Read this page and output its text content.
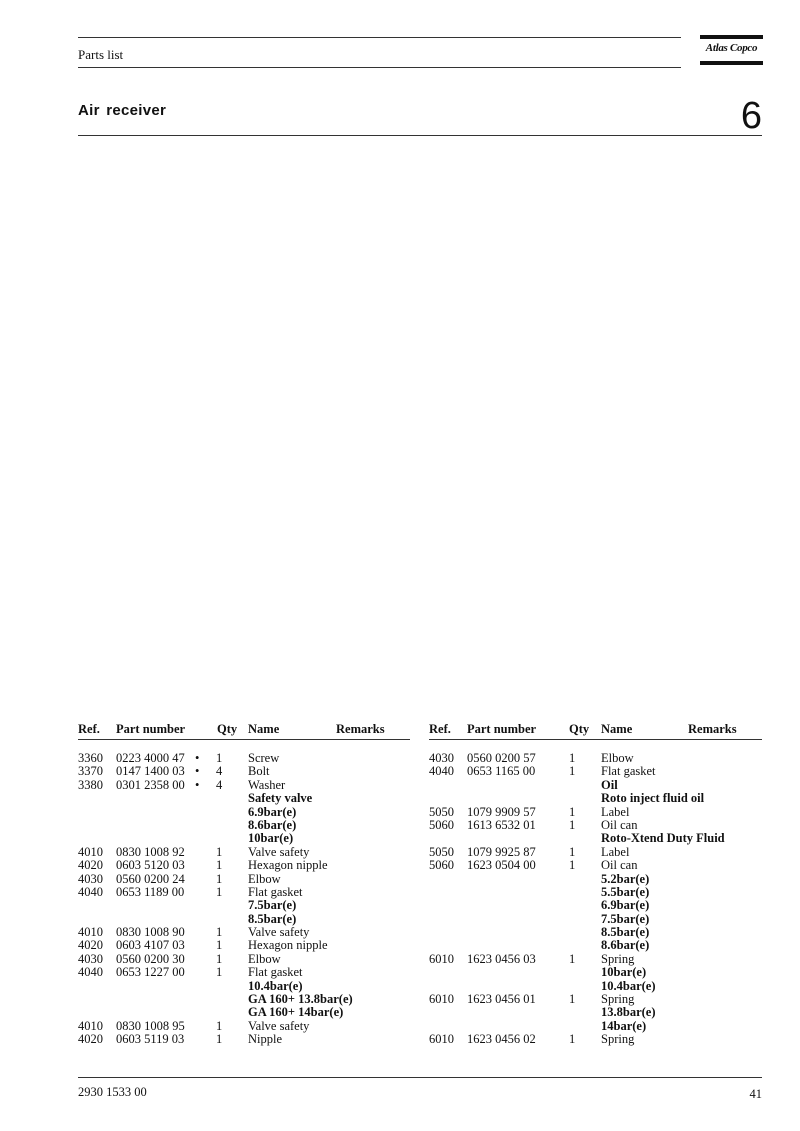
Parts list	Atlas Copco
Air receiver	6
Ref. Part number	Qty Name	Remarks
3360 0223 4000 47 • 1 Screw
3370 0147 1400 03 • 4 Bolt
3380 0301 2358 00 • 4 Washer
Safety valve
6.9bar(e)
8.6bar(e)
10bar(e)
4010 0830 1008 92	1 Valve safety
4020 0603 5120 03	1 Hexagon nipple
4030 0560 0200 24	1 Elbow
4040 0653 1189 00	1 Flat gasket
7.5bar(e)
8.5bar(e)
4010 0830 1008 90	1 Valve safety
4020 0603 4107 03	1 Hexagon nipple
4030 0560 0200 30	1 Elbow
4040 0653 1227 00	1 Flat gasket
10.4bar(e)
GA 160+ 13.8bar(e)
GA 160+ 14bar(e)
4010 0830 1008 95	1 Valve safety
4020 0603 5119 03	1 Nipple
Ref. Part number	Qty Name	Remarks
4030 0560 0200 57	1 Elbow
4040 0653 1165 00	1 Flat gasket
Oil
Roto inject fluid oil
5050 1079 9909 57	1 Label
5060 1613 6532 01	1 Oil can
Roto-Xtend Duty Fluid
5050 1079 9925 87	1 Label
5060 1623 0504 00	1 Oil can
5.2bar(e)
5.5bar(e)
6.9bar(e)
7.5bar(e)
8.5bar(e)
8.6bar(e)
6010 1623 0456 03	1 Spring
10bar(e)
10.4bar(e)
6010 1623 0456 01	1 Spring
13.8bar(e)
14bar(e)
6010 1623 0456 02	1 Spring
2930 1533 00	41
